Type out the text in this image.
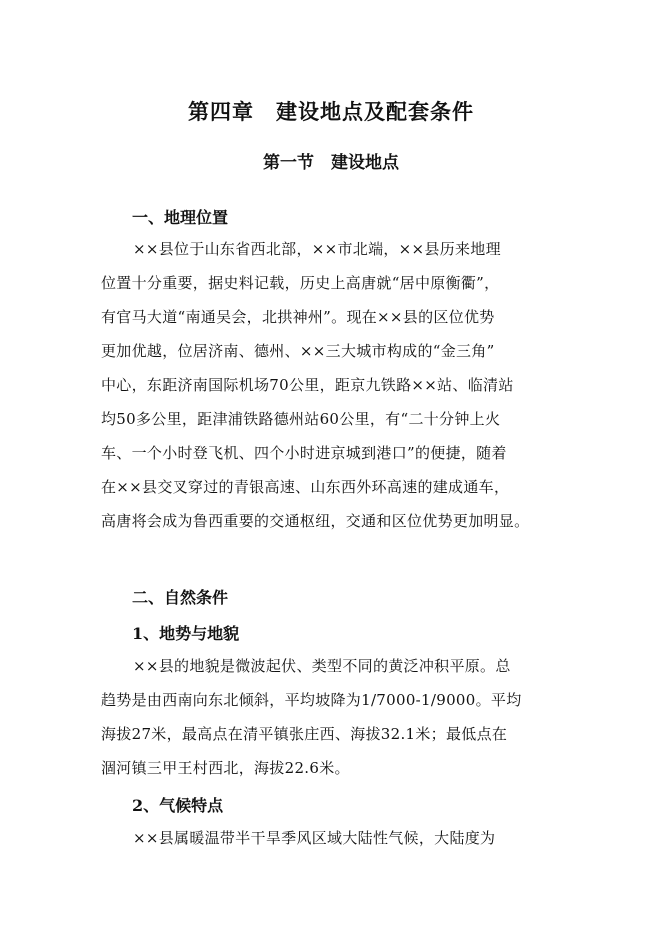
第四章　建设地点及配套条件
第一节　建设地点
一、地理位置
××县位于山东省西北部，××市北端，××县历来地理
位置十分重要，据史料记载，历史上高唐就“居中原衡衢”，
有官马大道“南通吴会，北拱神州”。现在××县的区位优势
更加优越，位居济南、德州、××三大城市构成的“金三角”
中心，东距济南国际机场70公里，距京九铁路××站、临清站
均50多公里，距津浦铁路德州站60公里，有“二十分钟上火
车、一个小时登飞机、四个小时进京城到港口”的便捷，随着
在××县交叉穿过的青银高速、山东西外环高速的建成通车，
高唐将会成为鲁西重要的交通枢纽，交通和区位优势更加明显。
二、自然条件
1、地势与地貌
××县的地貌是微波起伏、类型不同的黄泛冲积平原。总
趋势是由西南向东北倾斜，平均坡降为1/7000-1/9000。平均
海拔27米，最高点在清平镇张庄西、海拔32.1米；最低点在
涸河镇三甲王村西北，海拔22.6米。
2、气候特点
××县属暖温带半干旱季风区域大陆性气候，大陆度为
